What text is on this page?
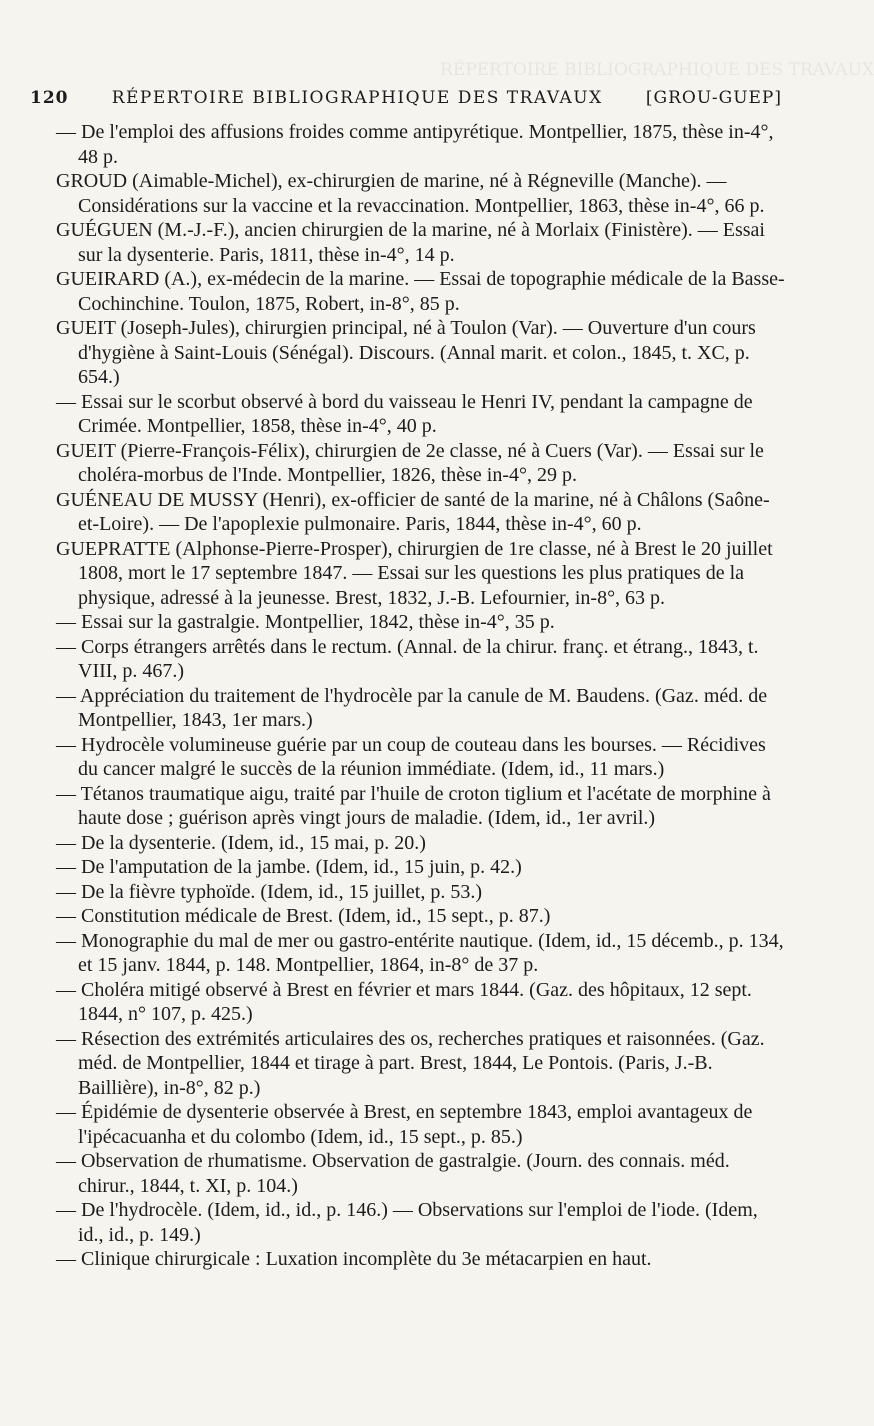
RÉPERTOIRE BIBLIOGRAPHIQUE DES TRAVAUX
120	RÉPERTOIRE BIBLIOGRAPHIQUE DES TRAVAUX	[GROU-GUEP]

— De l'emploi des affusions froides comme antipyrétique. Montpellier, 1875, thèse in-4°, 48 p.

GROUD (Aimable-Michel), ex-chirurgien de marine, né à Régneville (Manche). — Considérations sur la vaccine et la revaccination. Montpellier, 1863, thèse in-4°, 66 p.

GUÉGUEN (M.-J.-F.), ancien chirurgien de la marine, né à Morlaix (Finistère). — Essai sur la dysenterie. Paris, 1811, thèse in-4°, 14 p.

GUEIRARD (A.), ex-médecin de la marine. — Essai de topographie médicale de la Basse-Cochinchine. Toulon, 1875, Robert, in-8°, 85 p.

GUEIT (Joseph-Jules), chirurgien principal, né à Toulon (Var). — Ouverture d'un cours d'hygiène à Saint-Louis (Sénégal). Discours. (Annal marit. et colon., 1845, t. XC, p. 654.)

— Essai sur le scorbut observé à bord du vaisseau le Henri IV, pendant la campagne de Crimée. Montpellier, 1858, thèse in-4°, 40 p.

GUEIT (Pierre-François-Félix), chirurgien de 2e classe, né à Cuers (Var). — Essai sur le choléra-morbus de l'Inde. Montpellier, 1826, thèse in-4°, 29 p.

GUÉNEAU DE MUSSY (Henri), ex-officier de santé de la marine, né à Châlons (Saône-et-Loire). — De l'apoplexie pulmonaire. Paris, 1844, thèse in-4°, 60 p.

GUEPRATTE (Alphonse-Pierre-Prosper), chirurgien de 1re classe, né à Brest le 20 juillet 1808, mort le 17 septembre 1847. — Essai sur les questions les plus pratiques de la physique, adressé à la jeunesse. Brest, 1832, J.-B. Lefournier, in-8°, 63 p.

— Essai sur la gastralgie. Montpellier, 1842, thèse in-4°, 35 p.

— Corps étrangers arrêtés dans le rectum. (Annal. de la chirur. franç. et étrang., 1843, t. VIII, p. 467.)

— Appréciation du traitement de l'hydrocèle par la canule de M. Baudens. (Gaz. méd. de Montpellier, 1843, 1er mars.)

— Hydrocèle volumineuse guérie par un coup de couteau dans les bourses. — Récidives du cancer malgré le succès de la réunion immédiate. (Idem, id., 11 mars.)

— Tétanos traumatique aigu, traité par l'huile de croton tiglium et l'acétate de morphine à haute dose ; guérison après vingt jours de maladie. (Idem, id., 1er avril.)

— De la dysenterie. (Idem, id., 15 mai, p. 20.)

— De l'amputation de la jambe. (Idem, id., 15 juin, p. 42.)

— De la fièvre typhoïde. (Idem, id., 15 juillet, p. 53.)

— Constitution médicale de Brest. (Idem, id., 15 sept., p. 87.)

— Monographie du mal de mer ou gastro-entérite nautique. (Idem, id., 15 décemb., p. 134, et 15 janv. 1844, p. 148. Montpellier, 1864, in-8° de 37 p.

— Choléra mitigé observé à Brest en février et mars 1844. (Gaz. des hôpitaux, 12 sept. 1844, n° 107, p. 425.)

— Résection des extrémités articulaires des os, recherches pratiques et raisonnées. (Gaz. méd. de Montpellier, 1844 et tirage à part. Brest, 1844, Le Pontois. (Paris, J.-B. Baillière), in-8°, 82 p.)

— Épidémie de dysenterie observée à Brest, en septembre 1843, emploi avantageux de l'ipécacuanha et du colombo (Idem, id., 15 sept., p. 85.)

— Observation de rhumatisme. Observation de gastralgie. (Journ. des connais. méd. chirur., 1844, t. XI, p. 104.)

— De l'hydrocèle. (Idem, id., id., p. 146.) — Observations sur l'emploi de l'iode. (Idem, id., id., p. 149.)

— Clinique chirurgicale : Luxation incomplète du 3e métacarpien en haut.
